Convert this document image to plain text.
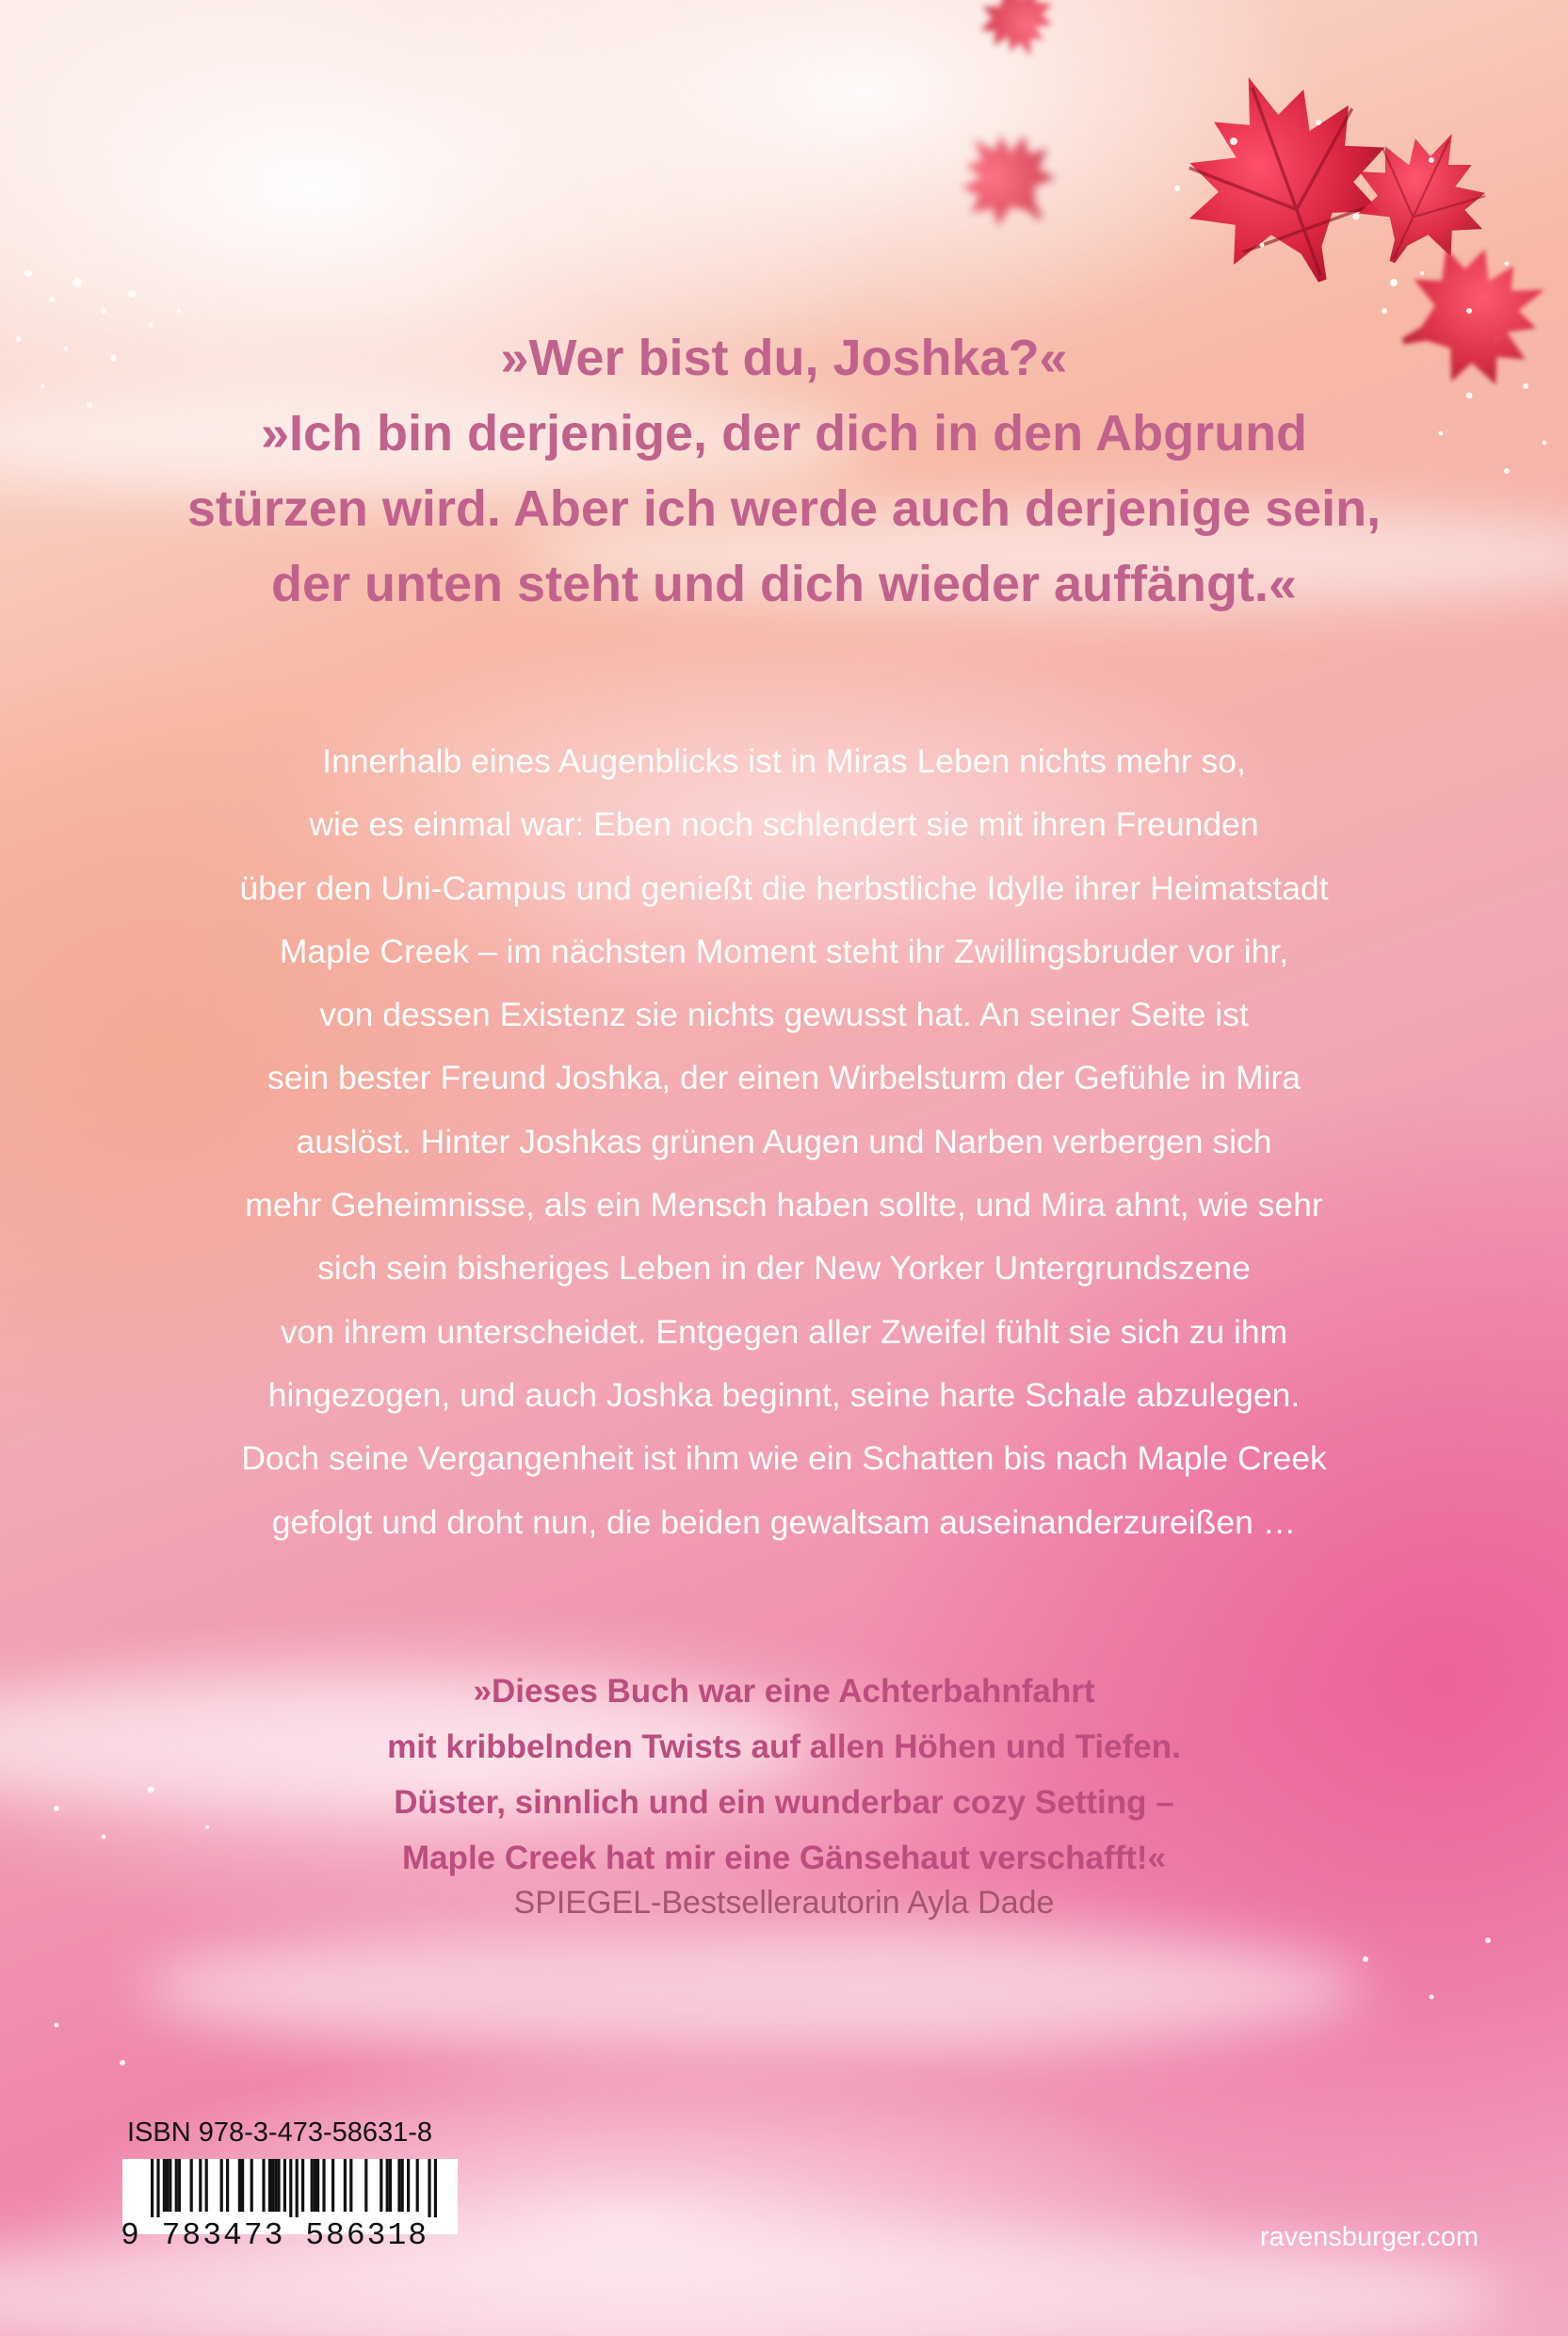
»Wer bist du, Joshka?«
»Ich bin derjenige, der dich in den Abgrund
stürzen wird. Aber ich werde auch derjenige sein,
der unten steht und dich wieder auffängt.«
Innerhalb eines Augenblicks ist in Miras Leben nichts mehr so,
wie es einmal war: Eben noch schlendert sie mit ihren Freunden
über den Uni-Campus und genießt die herbstliche Idylle ihrer Heimatstadt
Maple Creek – im nächsten Moment steht ihr Zwillingsbruder vor ihr,
von dessen Existenz sie nichts gewusst hat. An seiner Seite ist
sein bester Freund Joshka, der einen Wirbelsturm der Gefühle in Mira
auslöst. Hinter Joshkas grünen Augen und Narben verbergen sich
mehr Geheimnisse, als ein Mensch haben sollte, und Mira ahnt, wie sehr
sich sein bisheriges Leben in der New Yorker Untergrundszene
von ihrem unterscheidet. Entgegen aller Zweifel fühlt sie sich zu ihm
hingezogen, und auch Joshka beginnt, seine harte Schale abzulegen.
Doch seine Vergangenheit ist ihm wie ein Schatten bis nach Maple Creek
gefolgt und droht nun, die beiden gewaltsam auseinanderzureißen …
»Dieses Buch war eine Achterbahnfahrt
mit kribbelnden Twists auf allen Höhen und Tiefen.
Düster, sinnlich und ein wunderbar cozy Setting –
Maple Creek hat mir eine Gänsehaut verschafft!«
SPIEGEL-Bestsellerautorin Ayla Dade
ISBN 978-3-473-58631-8
9 783473 586318	ravensburger.com
